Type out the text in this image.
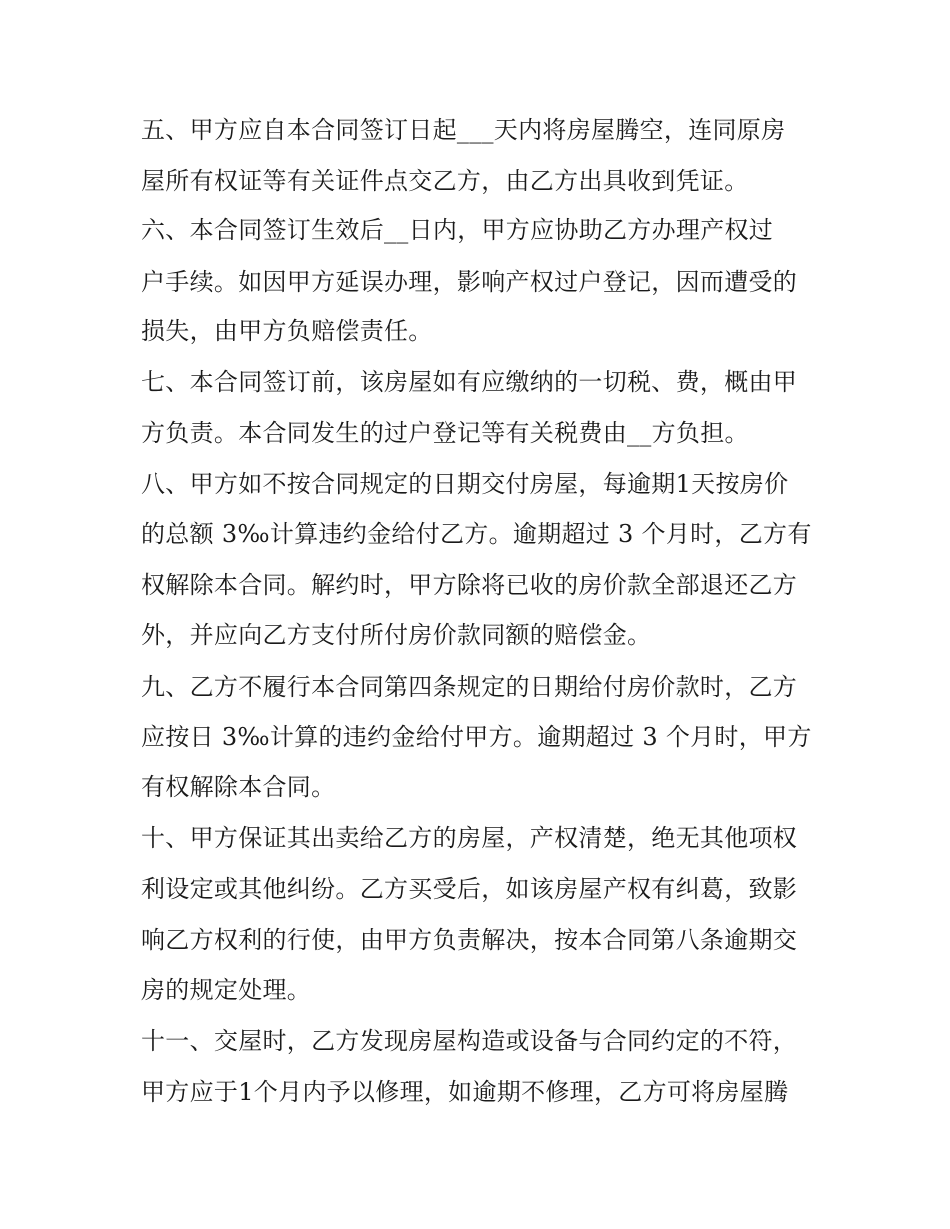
五、甲方应自本合同签订日起___天内将房屋腾空，连同原房
屋所有权证等有关证件点交乙方，由乙方出具收到凭证。
六、本合同签订生效后__日内，甲方应协助乙方办理产权过
户手续。如因甲方延误办理，影响产权过户登记，因而遭受的
损失，由甲方负赔偿责任。
七、本合同签订前，该房屋如有应缴纳的一切税、费，概由甲
方负责。本合同发生的过户登记等有关税费由__方负担。
八、甲方如不按合同规定的日期交付房屋，每逾期1天按房价
的总额 3‰计算违约金给付乙方。逾期超过 3 个月时，乙方有
权解除本合同。解约时，甲方除将已收的房价款全部退还乙方
外，并应向乙方支付所付房价款同额的赔偿金。
九、乙方不履行本合同第四条规定的日期给付房价款时，乙方
应按日 3‰计算的违约金给付甲方。逾期超过 3 个月时，甲方
有权解除本合同。
十、甲方保证其出卖给乙方的房屋，产权清楚，绝无其他项权
利设定或其他纠纷。乙方买受后，如该房屋产权有纠葛，致影
响乙方权利的行使，由甲方负责解决，按本合同第八条逾期交
房的规定处理。
十一、交屋时，乙方发现房屋构造或设备与合同约定的不符，
甲方应于1个月内予以修理，如逾期不修理，乙方可将房屋腾
